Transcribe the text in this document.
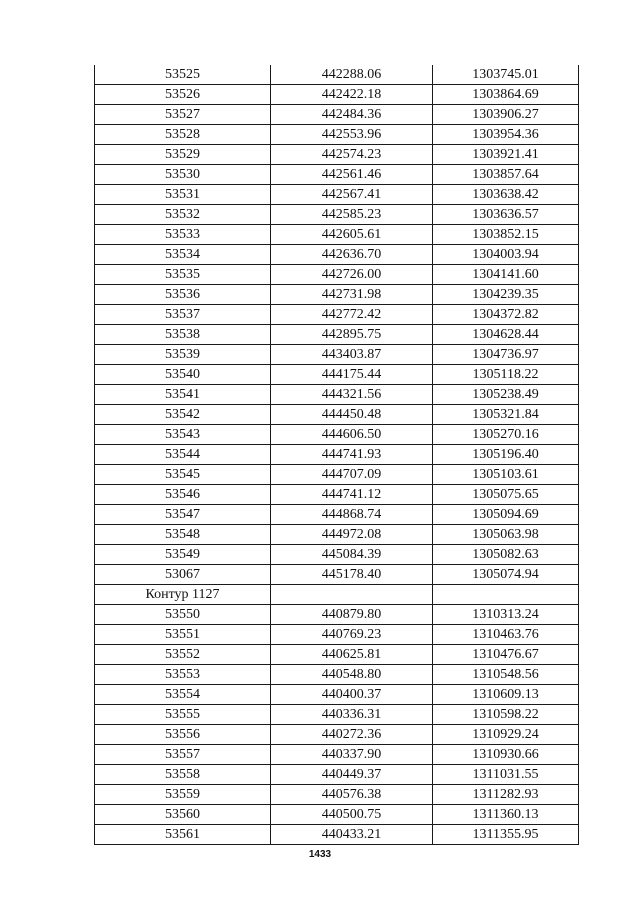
53525	442288.06	1303745.01
53526	442422.18	1303864.69
53527	442484.36	1303906.27
53528	442553.96	1303954.36
53529	442574.23	1303921.41
53530	442561.46	1303857.64
53531	442567.41	1303638.42
53532	442585.23	1303636.57
53533	442605.61	1303852.15
53534	442636.70	1304003.94
53535	442726.00	1304141.60
53536	442731.98	1304239.35
53537	442772.42	1304372.82
53538	442895.75	1304628.44
53539	443403.87	1304736.97
53540	444175.44	1305118.22
53541	444321.56	1305238.49
53542	444450.48	1305321.84
53543	444606.50	1305270.16
53544	444741.93	1305196.40
53545	444707.09	1305103.61
53546	444741.12	1305075.65
53547	444868.74	1305094.69
53548	444972.08	1305063.98
53549	445084.39	1305082.63
53067	445178.40	1305074.94
Контур 1127		
53550	440879.80	1310313.24
53551	440769.23	1310463.76
53552	440625.81	1310476.67
53553	440548.80	1310548.56
53554	440400.37	1310609.13
53555	440336.31	1310598.22
53556	440272.36	1310929.24
53557	440337.90	1310930.66
53558	440449.37	1311031.55
53559	440576.38	1311282.93
53560	440500.75	1311360.13
53561	440433.21	1311355.95
1433
